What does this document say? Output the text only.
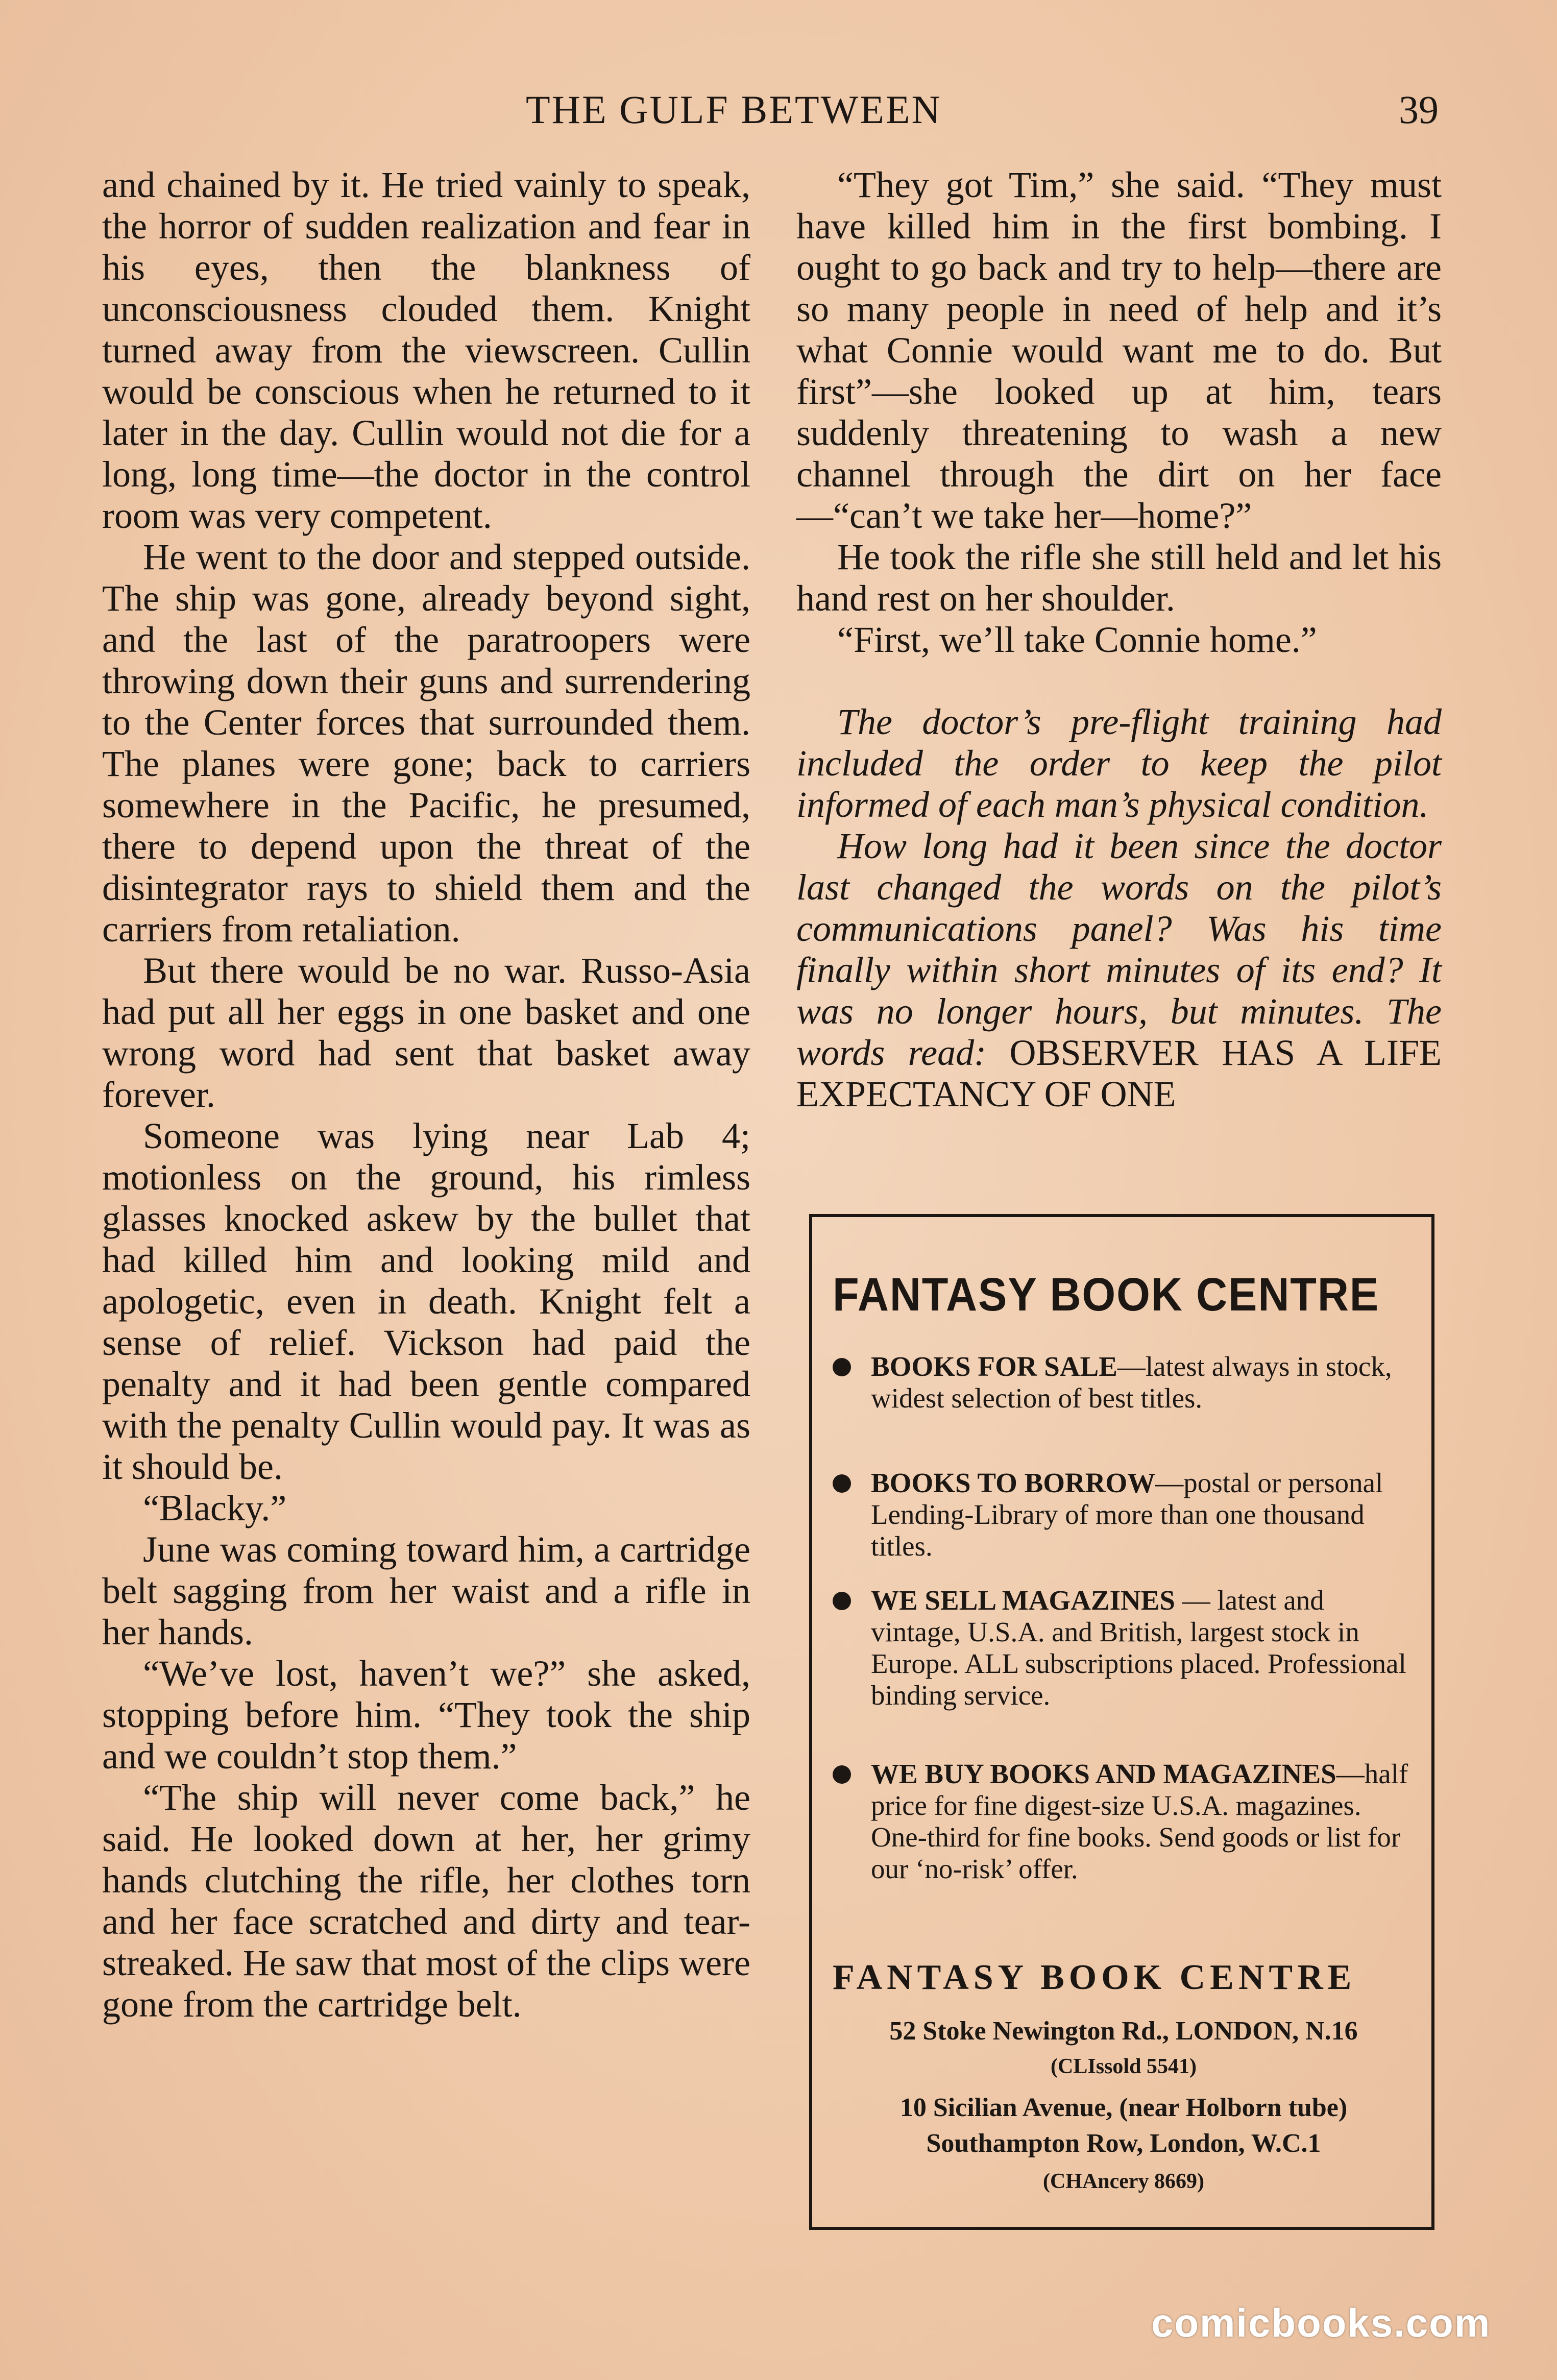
THE GULF BETWEEN	39

and chained by it. He tried vainly to speak, the horror of sudden realization and fear in his eyes, then the blankness of unconsciousness clouded them. Knight turned away from the viewscreen. Cullin would be conscious when he returned to it later in the day. Cullin would not die for a long, long time—the doctor in the control room was very competent.

He went to the door and stepped outside. The ship was gone, already beyond sight, and the last of the paratroopers were throwing down their guns and surrendering to the Center forces that surrounded them. The planes were gone; back to carriers somewhere in the Pacific, he presumed, there to depend upon the threat of the disintegrator rays to shield them and the carriers from retaliation.

But there would be no war. Russo-Asia had put all her eggs in one basket and one wrong word had sent that basket away forever.

Someone was lying near Lab 4; motionless on the ground, his rimless glasses knocked askew by the bullet that had killed him and looking mild and apologetic, even in death. Knight felt a sense of relief. Vickson had paid the penalty and it had been gentle compared with the penalty Cullin would pay. It was as it should be.

“Blacky.”

June was coming toward him, a cartridge belt sagging from her waist and a rifle in her hands.

“We’ve lost, haven’t we?” she asked, stopping before him. “They took the ship and we couldn’t stop them.”

“The ship will never come back,” he said. He looked down at her, her grimy hands clutching the rifle, her clothes torn and her face scratched and dirty and tear-streaked. He saw that most of the clips were gone from the cartridge belt.

“They got Tim,” she said. “They must have killed him in the first bombing. I ought to go back and try to help—there are so many people in need of help and it’s what Connie would want me to do. But first”—she looked up at him, tears suddenly threatening to wash a new channel through the dirt on her face—“can’t we take her—home?”

He took the rifle she still held and let his hand rest on her shoulder.

“First, we’ll take Connie home.”

The doctor’s pre-flight training had included the order to keep the pilot informed of each man’s physical condition.

How long had it been since the doctor last changed the words on the pilot’s communications panel? Was his time finally within short minutes of its end? It was no longer hours, but minutes. The words read: OBSERVER HAS A LIFE EXPECTANCY OF ONE

FANTASY BOOK CENTRE
BOOKS FOR SALE—latest always in stock, widest selection of best titles.
BOOKS TO BORROW—postal or personal Lending-Library of more than one thousand titles.
WE SELL MAGAZINES — latest and vintage, U.S.A. and British, largest stock in Europe. ALL subscriptions placed. Professional binding service.
WE BUY BOOKS AND MAGAZINES—half price for fine digest-size U.S.A. magazines. One-third for fine books. Send goods or list for our ‘no-risk’ offer.
FANTASY BOOK CENTRE
52 Stoke Newington Rd., LONDON, N.16
(CLIssold 5541)
10 Sicilian Avenue, (near Holborn tube)
Southampton Row, London, W.C.1
(CHAncery 8669)
comicbooks.com
